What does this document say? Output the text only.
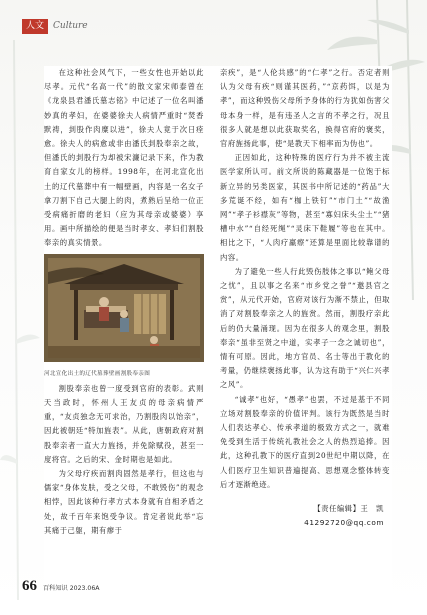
人文	Culture

在这种社会风气下，一些女性也开始以此尽孝。元代“名高一代”的散文家宋师泰曾在《龙泉县君潘氏墓志铭》中记述了一位名叫潘妙真的孝妇，在婆婆徐夫人病情严重时“焚香默祷，刲股作肉糜以进”，徐夫人竟于次日痊愈。徐夫人的病愈或非由潘氏刲股奉亲之故，但潘氏的刲股行为却被宋濂记录下来，作为教育自家女儿的榜样。1998年，在河北宣化出土的辽代墓葬中有一幅壁画，内容是一名女子拿刀割下自己大腿上的肉，煮熟后呈给一位正受病痛折磨的老妇（应为其母亲或婆婆）享用。画中所描绘的便是当时孝女、孝妇们割股奉亲的真实情景。

河北宣化出土的辽代墓葬壁画割股奉亲图

割股奉亲也曾一度受到官府的表彰。武则天当政时，怀州人王友贞的母亲病情严重，“友贞独念无可求治，乃割股肉以饴亲”，因此被朝廷“特加旌表”。从此，唐朝政府对割股奉亲者一直大力旌扬，并免除赋役，甚至一度将官。之后的宋、金时期也是如此。

为父母疗疾而割肉固然是孝行，但这也与儒家“身体发肤，受之父母，不敢毁伤”的观念相悖，因此该种行孝方式本身就有自相矛盾之处，故千百年来饱受争议。肯定者说此举“忘其痛于己躯，期有瘳于

亲疾”，是“人伦共感”的“仁孝”之行。否定者则认为父母有疾“则谨其医药，”“京药饵，以是为孝”，而这种毁伤父母所予身体的行为犹如伤害父母本身一样，是有违圣人之言的不孝之行，况且很多人就是想以此获取奖名，换得官府的褒奖，官府旌扬此事，使“是教天下相率而为伪也”。

正因如此，这种特殊的医疗行为并不被主流医学家所认可。前文所说的陈藏器是一位饱于标新立异的另类医家，其医书中所记述的“药品”大多荒诞不经，如有“枷上铁钉”“市门土”“故渔网”“孝子衫襟灰”等物，甚至“寡妇床头尘土”“猪槽中水”“自经死绳”“灵床下鞋履”等也在其中。相比之下，“人肉疗羸瘵”还算是里面比较靠谱的内容。

为了避免一些人行此毁伤肢体之事以“鲍父母之忧”，且以事之名来“市乡党之誉”“邀县官之赏”，从元代开始，官府对该行为渐不禁止，但取消了对割股奉亲之人的旌赏。然而，割股疗亲此后的仍大量涌现。因为在很多人的观念里，割股奉亲“虽非至贤之中道，实孝子一念之诚切也”，情有可原。因此，地方官员、名士等出于教化的考量，仍继续褒扬此事，认为这有助于“兴仁兴孝之风”。

“诚孝”也好，“愚孝”也罢，不过是基于不同立场对割股奉亲的价值评判。该行为既然是当时人们表达孝心、传承孝道的极致方式之一，就难免受到生活于传统礼教社会之人的热烈追捧。因此，这种孔教下的医疗直到20世纪中期以降，在人们医疗卫生知识普遍提高、思想观念整体转变后才逐渐绝迹。

【责任编辑】王　凯
41292720@qq.com
66 百科知识 2023.06A
